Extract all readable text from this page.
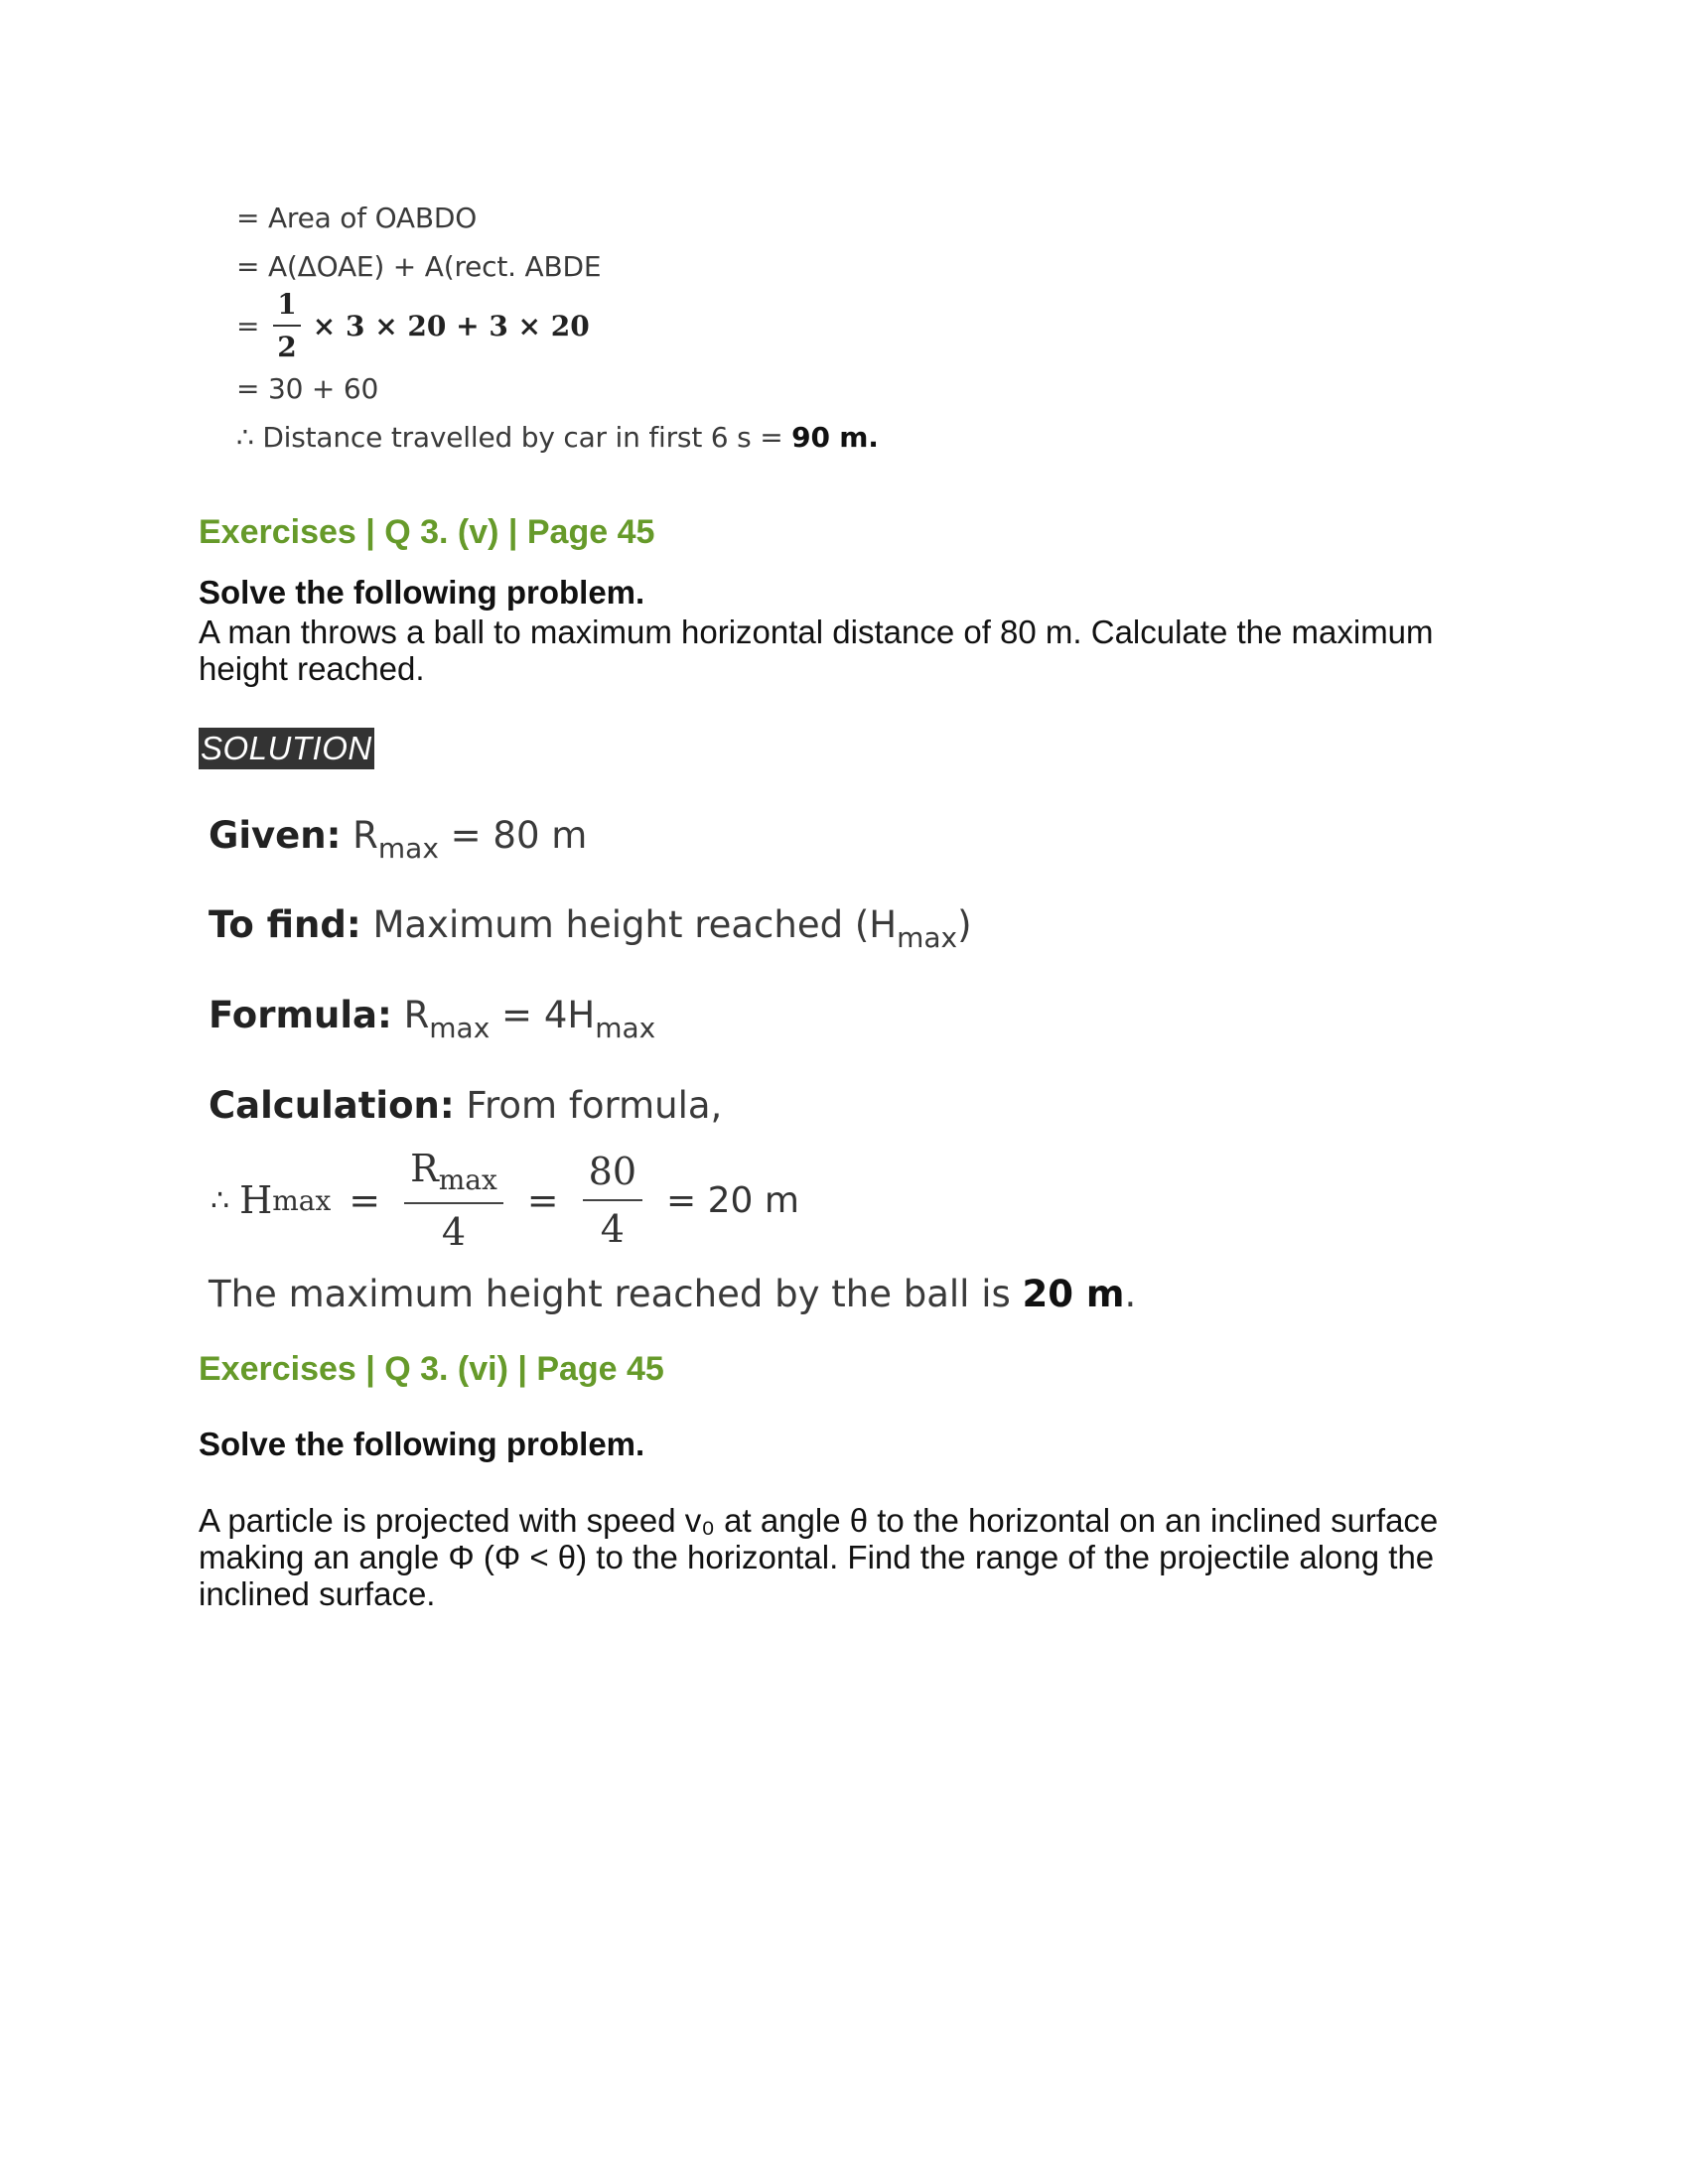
= Area of OABDO
= A(ΔOAE) + A(rect. ABDE
= $\frac{1}{2} \times 3 \times 20 + 3 \times 20$
= 30 + 60
∴ Distance travelled by car in first 6 s = 90 m.
Exercises | Q 3. (v) | Page 45
Solve the following problem.
A man throws a ball to maximum horizontal distance of 80 m. Calculate the maximum height reached.
SOLUTION
Given: $R_{max} = 80$ m
To find: Maximum height reached $(H_{max})$
Formula: $R_{max} = 4H_{max}$
Calculation: From formula,
∴ H $\max = \frac{R_{max}}{4} = \frac{80}{4} = 20$ m
The maximum height reached by the ball is 20 m.
Exercises | Q 3. (vi) | Page 45
Solve the following problem.
A particle is projected with speed v₀ at angle θ to the horizontal on an inclined surface making an angle Φ (Φ < θ) to the horizontal. Find the range of the projectile along the inclined surface.
